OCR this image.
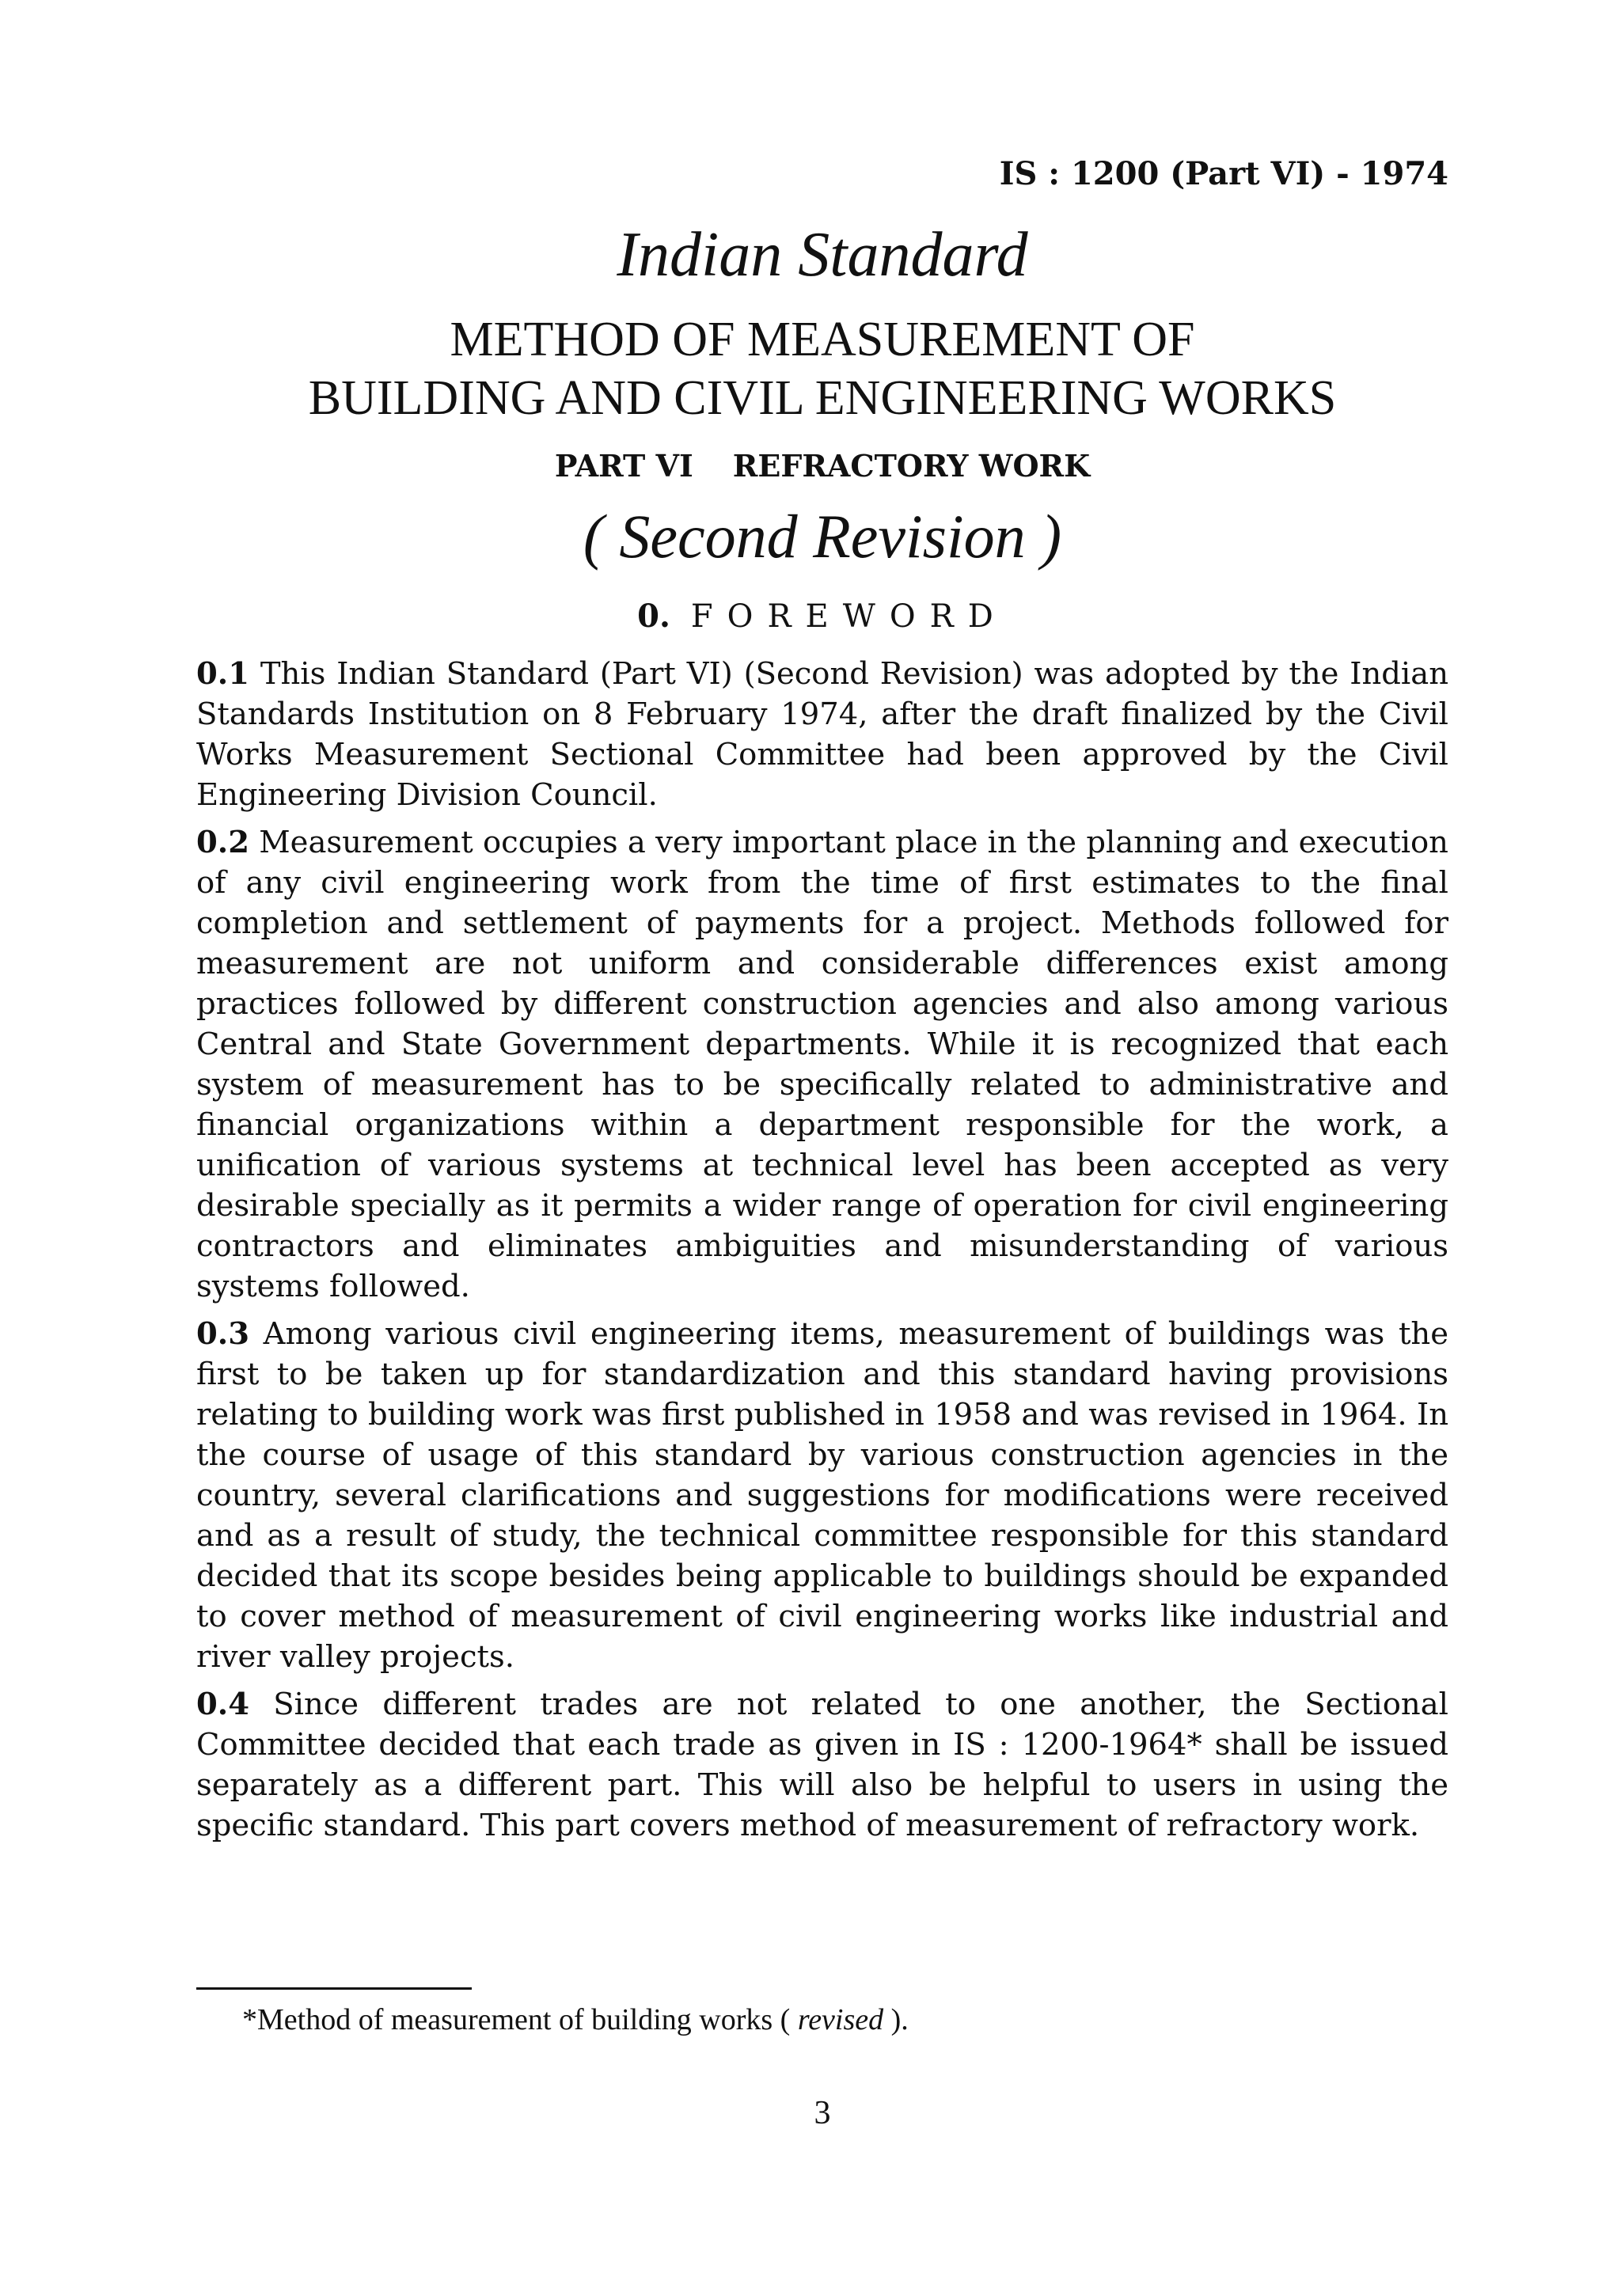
IS : 1200 (Part VI) - 1974
Indian Standard
METHOD OF MEASUREMENT OF
BUILDING AND CIVIL ENGINEERING WORKS
PART VI REFRACTORY WORK
( Second Revision )
0. FOREWORD

0.1 This Indian Standard (Part VI) (Second Revision) was adopted by the Indian Standards Institution on 8 February 1974, after the draft finalized by the Civil Works Measurement Sectional Committee had been approved by the Civil Engineering Division Council.

0.2 Measurement occupies a very important place in the planning and execution of any civil engineering work from the time of first estimates to the final completion and settlement of payments for a project. Methods followed for measurement are not uniform and considerable differences exist among practices followed by different construction agencies and also among various Central and State Government departments. While it is recognized that each system of measurement has to be specifically related to administrative and financial organizations within a department responsible for the work, a unification of various systems at technical level has been accepted as very desirable specially as it permits a wider range of operation for civil engineering contractors and eliminates ambiguities and misunderstanding of various systems followed.

0.3 Among various civil engineering items, measurement of buildings was the first to be taken up for standardization and this standard having provisions relating to building work was first published in 1958 and was revised in 1964. In the course of usage of this standard by various construction agencies in the country, several clarifications and suggestions for modifications were received and as a result of study, the technical committee responsible for this standard decided that its scope besides being applicable to buildings should be expanded to cover method of measurement of civil engineering works like industrial and river valley projects.

0.4 Since different trades are not related to one another, the Sectional Committee decided that each trade as given in IS : 1200-1964* shall be issued separately as a different part. This will also be helpful to users in using the specific standard. This part covers method of measurement of refractory work.

*Method of measurement of building works ( revised ).
3
